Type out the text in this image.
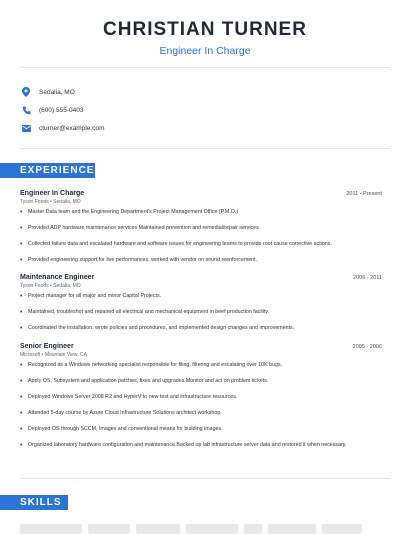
CHRISTIAN TURNER
Engineer In Charge
Sedalia, MO
(600) 555-0403
cturner@example.com
EXPERIENCE
Engineer In Charge	2011 - Present
Tyson Foods • Sedalia, MO
•	Master Data team and the Engineering Department's Project Management Office (P.M.O.)
•	Provided ADP hardware maintenance services Maintained prevention and remedial/repair services
•	Collected failure data and escalated hardware and software issues for engineering teams to provide root cause corrective actions.
•	Provided engineering support for live performances, worked with vendor on sound reenforcement.
Maintenance Engineer	2006 - 2011
Tyson Foods • Sedalia, MO
•	Project manager for all major and minor Capital Projects.
•	Maintained, troubleshot and repaired all electrical and mechanical equipment in beef production facility.
•	Coordinated the installation, wrote policies and procedures, and implemented design changes and improvements.
Senior Engineer	2005 - 2006
Microsoft • Mountain View, CA
•	Recognized as a Windows networking specialist responsible for filing, filtering and escalating over 10K bugs.
•	Apply OS, Subsystem and application patches, fixes and upgrades Monitor and act on problem tickets.
•	Deployed Windows Server 2008 R2 and HyperV to new test and infrastructure resources.
•	Attended 5-day course by Azure Cloud Infrastructure Solutions architect workshop.
•	Deployed OS through SCCM, Imagex and conventional means for building images.
•	Organized laboratory hardware configuration and maintenance.Backed up lab infrastructure server data and restored it when necessary.
SKILLS
